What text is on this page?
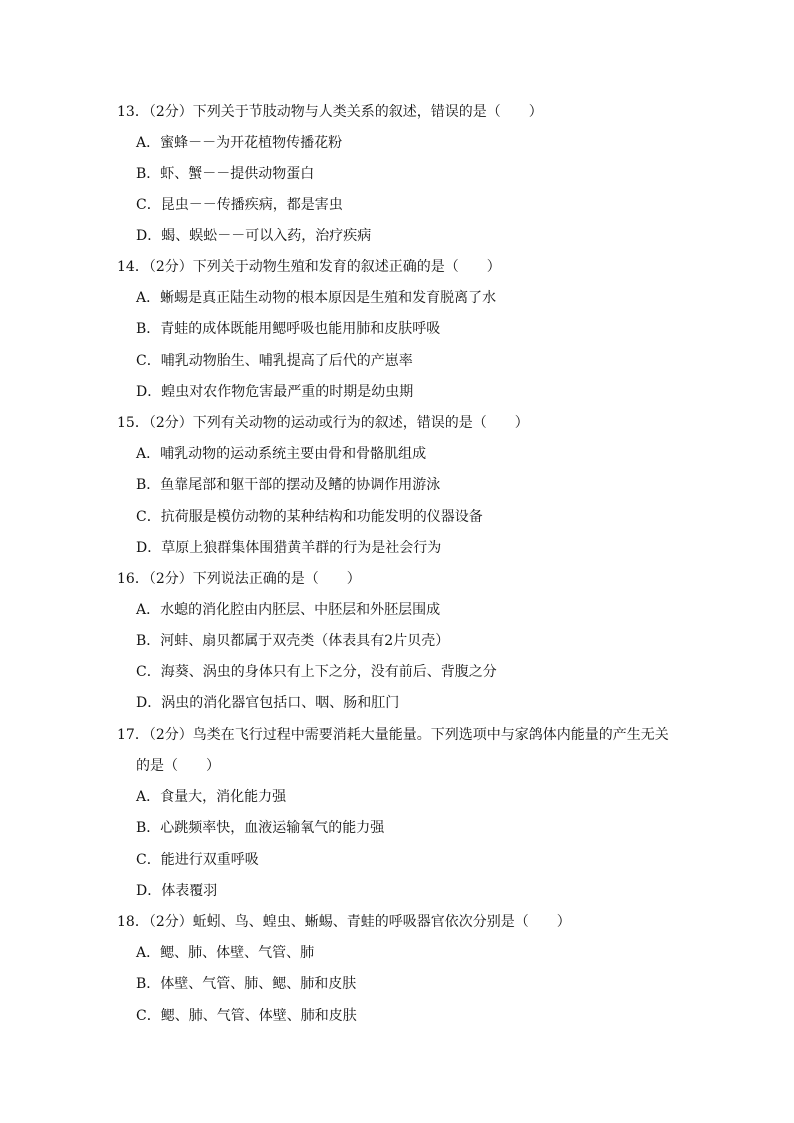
13．（2分）下列关于节肢动物与人类关系的叙述，错误的是（　　）
A．蜜蜂－－为开花植物传播花粉
B．虾、蟹－－提供动物蛋白
C．昆虫－－传播疾病，都是害虫
D．蝎、蜈蚣－－可以入药，治疗疾病
14．（2分）下列关于动物生殖和发育的叙述正确的是（　　）
A．蜥蜴是真正陆生动物的根本原因是生殖和发育脱离了水
B．青蛙的成体既能用鳃呼吸也能用肺和皮肤呼吸
C．哺乳动物胎生、哺乳提高了后代的产崽率
D．蝗虫对农作物危害最严重的时期是幼虫期
15．（2分）下列有关动物的运动或行为的叙述，错误的是（　　）
A．哺乳动物的运动系统主要由骨和骨骼肌组成
B．鱼靠尾部和躯干部的摆动及鳍的协调作用游泳
C．抗荷服是模仿动物的某种结构和功能发明的仪器设备
D．草原上狼群集体围猎黄羊群的行为是社会行为
16．（2分）下列说法正确的是（　　）
A．水螅的消化腔由内胚层、中胚层和外胚层围成
B．河蚌、扇贝都属于双壳类（体表具有2片贝壳）
C．海葵、涡虫的身体只有上下之分，没有前后、背腹之分
D．涡虫的消化器官包括口、咽、肠和肛门
17．（2分）鸟类在飞行过程中需要消耗大量能量。下列选项中与家鸽体内能量的产生无关
的是（　　）
A．食量大，消化能力强
B．心跳频率快，血液运输氧气的能力强
C．能进行双重呼吸
D．体表覆羽
18．（2分）蚯蚓、鸟、蝗虫、蜥蜴、青蛙的呼吸器官依次分别是（　　）
A．鳃、肺、体壁、气管、肺
B．体壁、气管、肺、鳃、肺和皮肤
C．鳃、肺、气管、体壁、肺和皮肤
